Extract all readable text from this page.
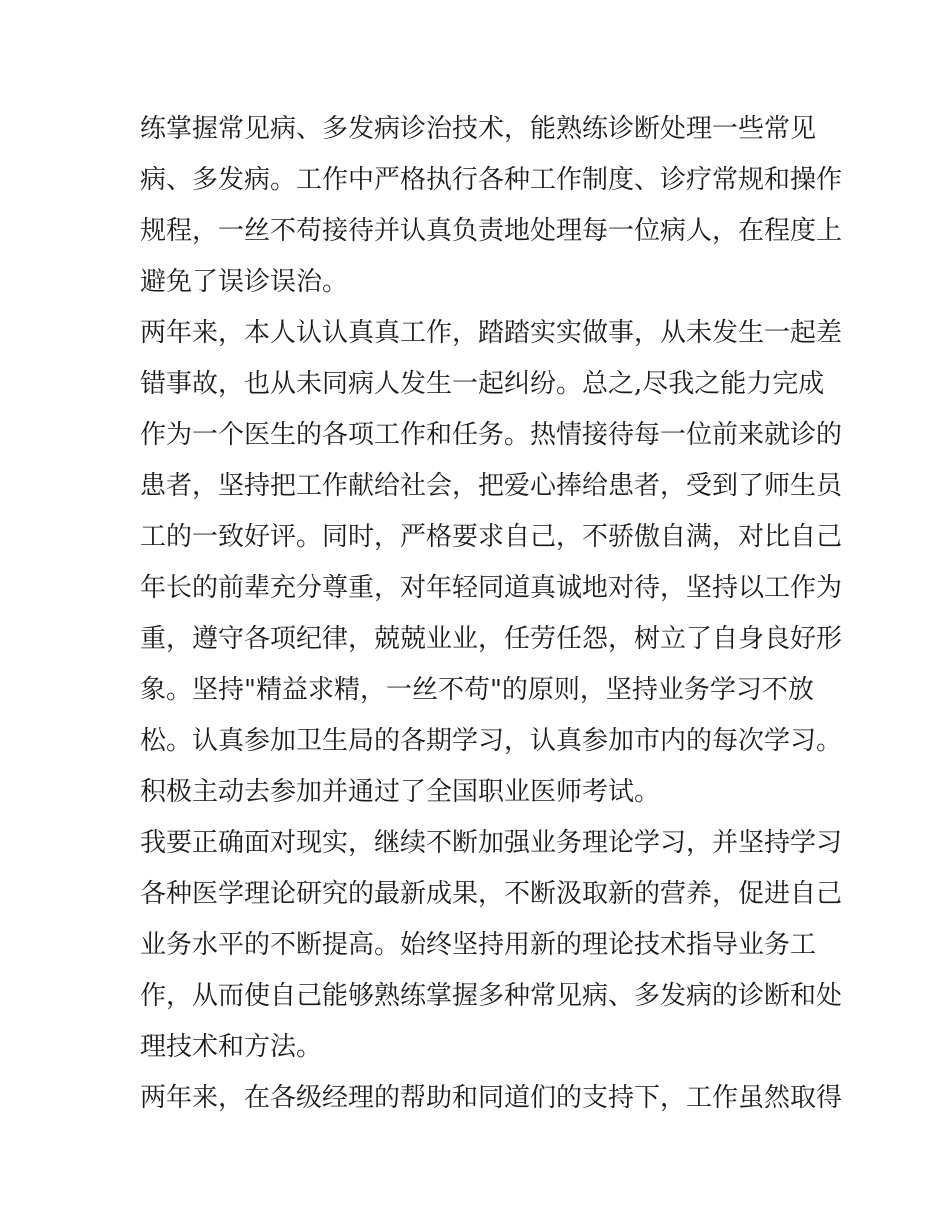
练掌握常见病、多发病诊治技术，能熟练诊断处理一些常见
病、多发病。工作中严格执行各种工作制度、诊疗常规和操作
规程，一丝不苟接待并认真负责地处理每一位病人，在程度上
避免了误诊误治。
两年来，本人认认真真工作，踏踏实实做事，从未发生一起差
错事故，也从未同病人发生一起纠纷。总之,尽我之能力完成
作为一个医生的各项工作和任务。热情接待每一位前来就诊的
患者，坚持把工作献给社会，把爱心捧给患者，受到了师生员
工的一致好评。同时，严格要求自己，不骄傲自满，对比自己
年长的前辈充分尊重，对年轻同道真诚地对待，坚持以工作为
重，遵守各项纪律，兢兢业业，任劳任怨，树立了自身良好形
象。坚持"精益求精，一丝不苟"的原则，坚持业务学习不放
松。认真参加卫生局的各期学习，认真参加市内的每次学习。
积极主动去参加并通过了全国职业医师考试。
我要正确面对现实，继续不断加强业务理论学习，并坚持学习
各种医学理论研究的最新成果，不断汲取新的营养，促进自己
业务水平的不断提高。始终坚持用新的理论技术指导业务工
作，从而使自己能够熟练掌握多种常见病、多发病的诊断和处
理技术和方法。
两年来，在各级经理的帮助和同道们的支持下，工作虽然取得
